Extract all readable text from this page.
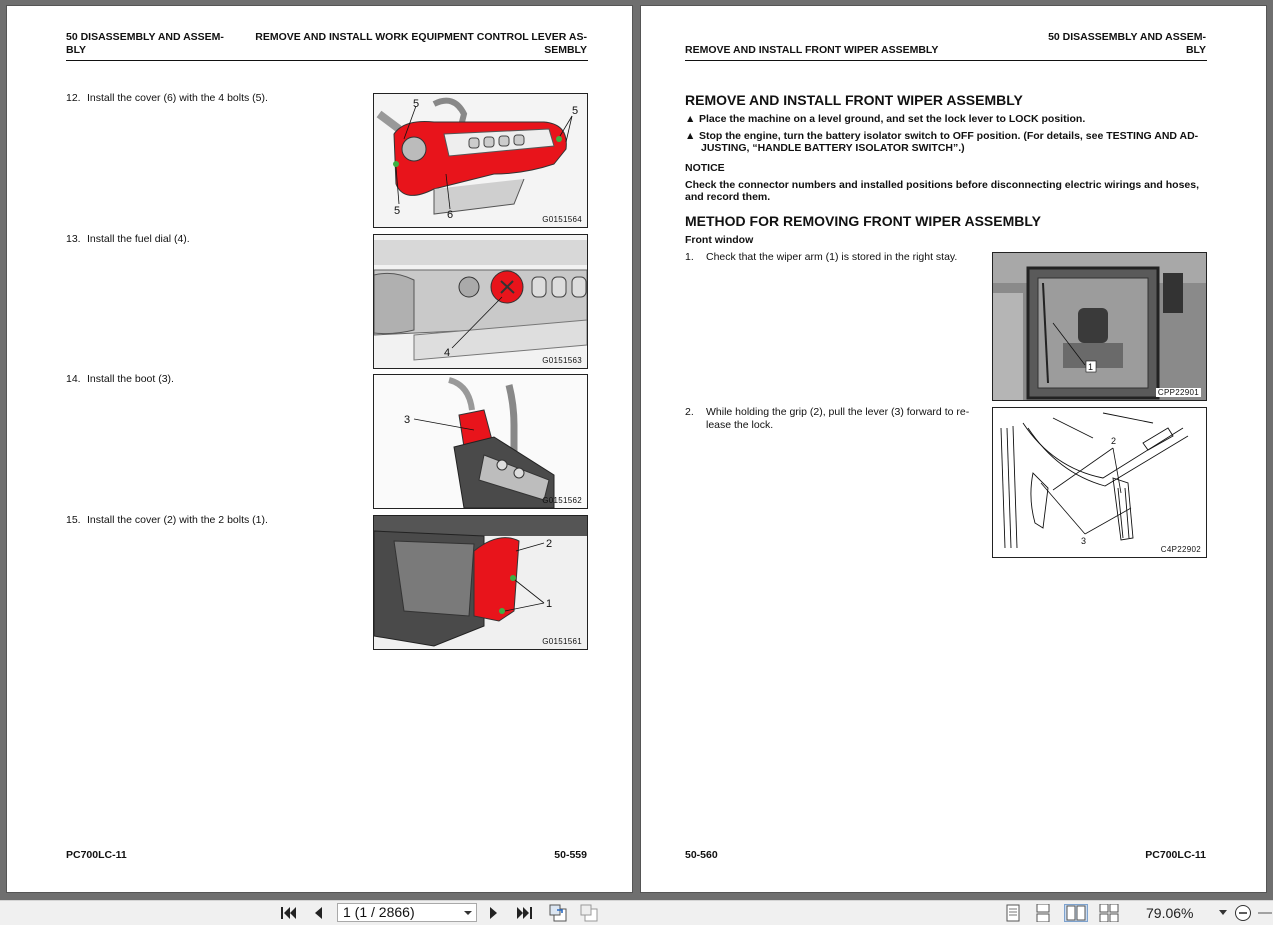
50 DISASSEMBLY AND ASSEM-
BLY
REMOVE AND INSTALL WORK EQUIPMENT CONTROL LEVER AS-
SEMBLY
12. Install the cover (6) with the 4 bolts (5).	5
5
5	6	G0151564
13. Install the fuel dial (4).
4
G0151563
14. Install the boot (3).
3
G0151562
15. Install the cover (2) with the 2 bolts (1).
2
1
G0151561
PC700LC-11	50-559
50 DISASSEMBLY AND ASSEM-
BLY
REMOVE AND INSTALL FRONT WIPER ASSEMBLY
REMOVE AND INSTALL FRONT WIPER ASSEMBLY
▲ Place the machine on a level ground, and set the lock lever to LOCK position.
▲ Stop the engine, turn the battery isolator switch to OFF position. (For details, see TESTING AND AD-
JUSTING, “HANDLE BATTERY ISOLATOR SWITCH”.)
NOTICE
Check the connector numbers and installed positions before disconnecting electric wirings and hoses,
and record them.
METHOD FOR REMOVING FRONT WIPER ASSEMBLY
Front window
1. Check that the wiper arm (1) is stored in the right stay.
1
CPP22901
2. While holding the grip (2), pull the lever (3) forward to re-
lease the lock.
2
3
C4P22902
50-560	PC700LC-11
1 (1 / 2866)	79.06%
